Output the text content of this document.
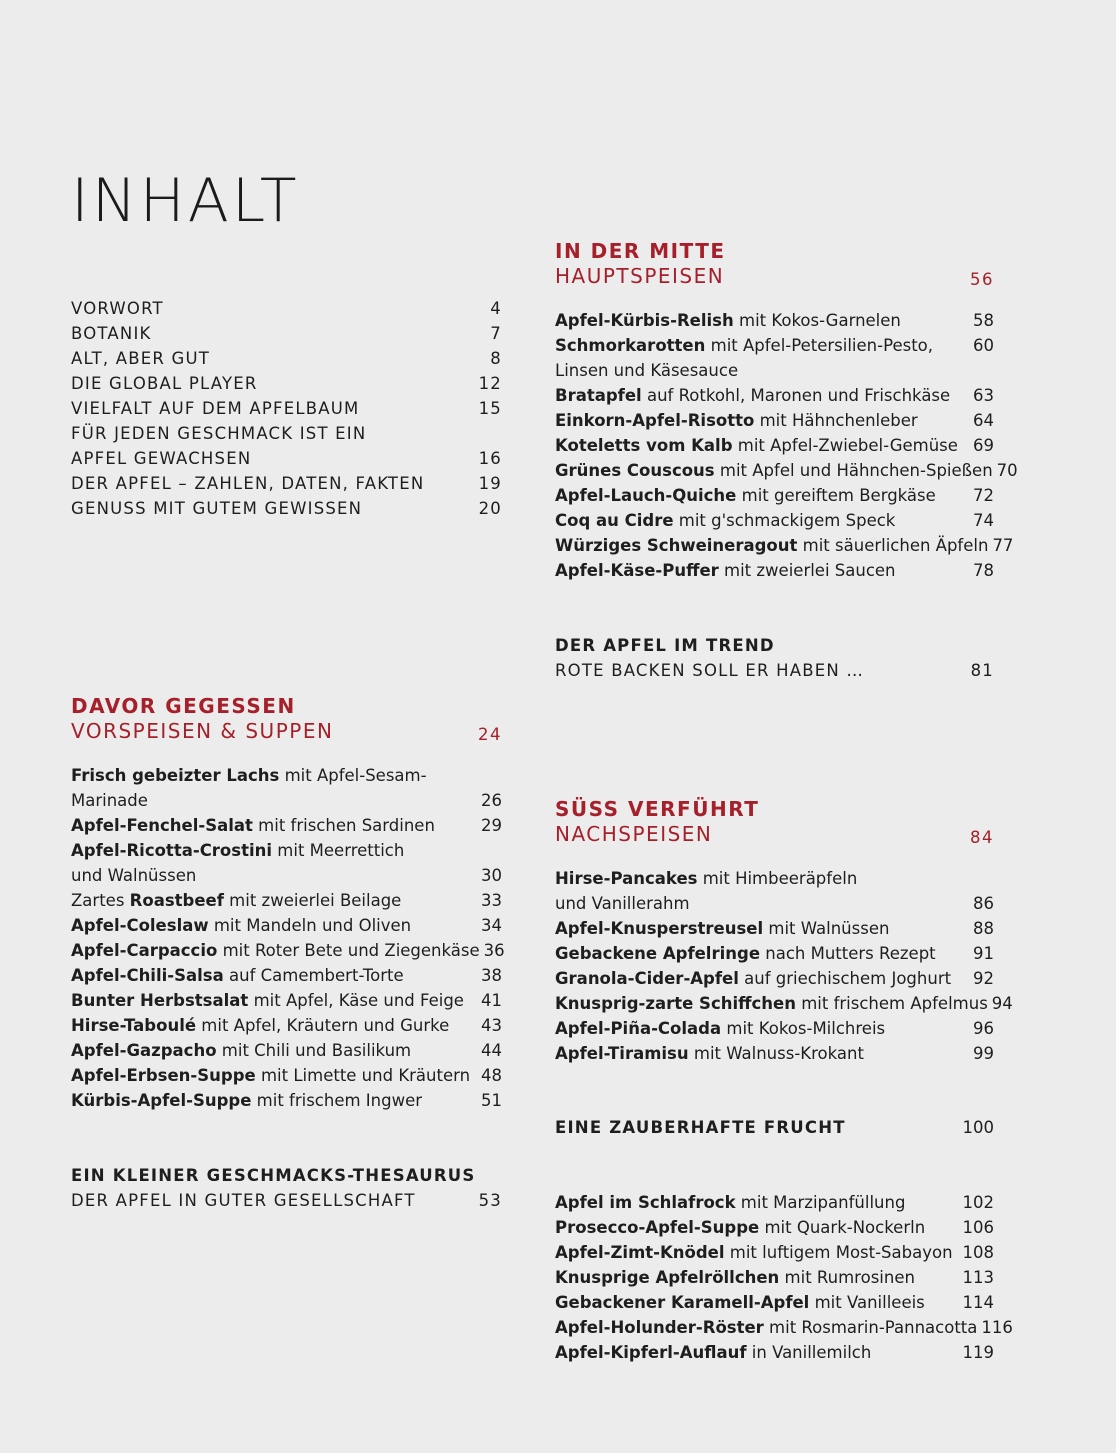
INHALT
VORWORT	4
BOTANIK	7
ALT, ABER GUT	8
DIE GLOBAL PLAYER	12
VIELFALT AUF DEM APFELBAUM	15
FÜR JEDEN GESCHMACK IST EIN
APFEL GEWACHSEN	16
DER APFEL – ZAHLEN, DATEN, FAKTEN	19
GENUSS MIT GUTEM GEWISSEN	20
DAVOR GEGESSEN
VORSPEISEN & SUPPEN	24
Frisch gebeizter Lachs mit Apfel-Sesam-
Marinade	26
Apfel-Fenchel-Salat mit frischen Sardinen	29
Apfel-Ricotta-Crostini mit Meerrettich
und Walnüssen	30
Zartes Roastbeef mit zweierlei Beilage	33
Apfel-Coleslaw mit Mandeln und Oliven	34
Apfel-Carpaccio mit Roter Bete und Ziegenkäse 36
Apfel-Chili-Salsa auf Camembert-Torte	38
Bunter Herbstsalat mit Apfel, Käse und Feige	41
Hirse-Taboulé mit Apfel, Kräutern und Gurke	43
Apfel-Gazpacho mit Chili und Basilikum	44
Apfel-Erbsen-Suppe mit Limette und Kräutern 48
Kürbis-Apfel-Suppe mit frischem Ingwer	51
EIN KLEINER GESCHMACKS-THESAURUS
DER APFEL IN GUTER GESELLSCHAFT	53
IN DER MITTE
HAUPTSPEISEN	56
Apfel-Kürbis-Relish mit Kokos-Garnelen	58
Schmorkarotten mit Apfel-Petersilien-Pesto,	60
Linsen und Käsesauce
Bratapfel auf Rotkohl, Maronen und Frischkäse	63
Einkorn-Apfel-Risotto mit Hähnchenleber	64
Koteletts vom Kalb mit Apfel-Zwiebel-Gemüse 69
Grünes Couscous mit Apfel und Hähnchen-Spießen 70
Apfel-Lauch-Quiche mit gereiftem Bergkäse	72
Coq au Cidre mit g'schmackigem Speck	74
Würziges Schweineragout mit säuerlichen Äpfeln 77
Apfel-Käse-Puffer mit zweierlei Saucen	78
DER APFEL IM TREND
ROTE BACKEN SOLL ER HABEN …	81
SÜSS VERFÜHRT
NACHSPEISEN	84
Hirse-Pancakes mit Himbeeräpfeln
und Vanillerahm	86
Apfel-Knusperstreusel mit Walnüssen	88
Gebackene Apfelringe nach Mutters Rezept	91
Granola-Cider-Apfel auf griechischem Joghurt	92
Knusprig-zarte Schiffchen mit frischem Apfelmus 94
Apfel-Piña-Colada mit Kokos-Milchreis	96
Apfel-Tiramisu mit Walnuss-Krokant	99
EINE ZAUBERHAFTE FRUCHT	100
Apfel im Schlafrock mit Marzipanfüllung	102
Prosecco-Apfel-Suppe mit Quark-Nockerln	106
Apfel-Zimt-Knödel mit luftigem Most-Sabayon 108
Knusprige Apfelröllchen mit Rumrosinen	113
Gebackener Karamell-Apfel mit Vanilleeis	114
Apfel-Holunder-Röster mit Rosmarin-Pannacotta 116
Apfel-Kipferl-Auflauf in Vanillemilch	119
